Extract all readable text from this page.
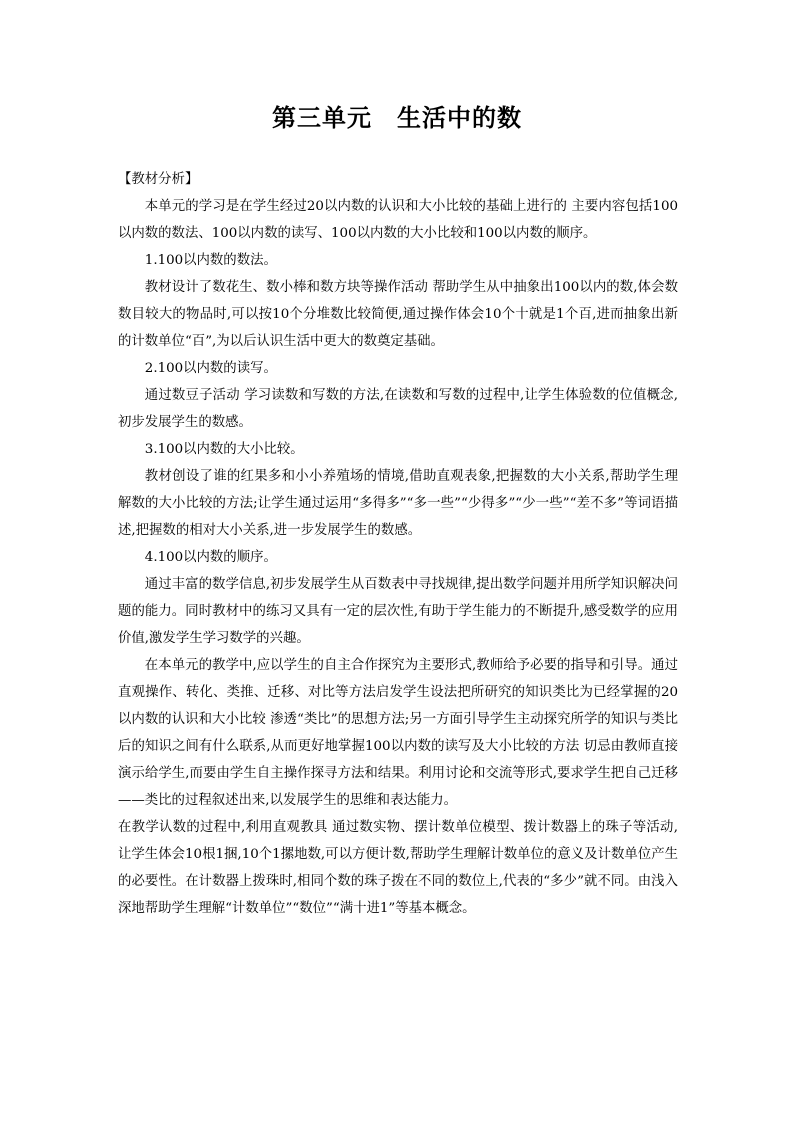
第三单元　生活中的数

【教材分析】

本单元的学习是在学生经过20以内数的认识和大小比较的基础上进行的 主要内容包括100以内数的数法、100以内数的读写、100以内数的大小比较和100以内数的顺序。

1.100以内数的数法。

教材设计了数花生、数小棒和数方块等操作活动 帮助学生从中抽象出100以内的数,体会数数目较大的物品时,可以按10个分堆数比较简便,通过操作体会10个十就是1个百,进而抽象出新的计数单位“百”,为以后认识生活中更大的数奠定基础。

2.100以内数的读写。

通过数豆子活动 学习读数和写数的方法,在读数和写数的过程中,让学生体验数的位值概念,初步发展学生的数感。

3.100以内数的大小比较。

教材创设了谁的红果多和小小养殖场的情境,借助直观表象,把握数的大小关系,帮助学生理解数的大小比较的方法;让学生通过运用“多得多”“多一些”“少得多”“少一些”“差不多”等词语描述,把握数的相对大小关系,进一步发展学生的数感。

4.100以内数的顺序。

通过丰富的数学信息,初步发展学生从百数表中寻找规律,提出数学问题并用所学知识解决问题的能力。同时教材中的练习又具有一定的层次性,有助于学生能力的不断提升,感受数学的应用价值,激发学生学习数学的兴趣。

在本单元的教学中,应以学生的自主合作探究为主要形式,教师给予必要的指导和引导。通过直观操作、转化、类推、迁移、对比等方法启发学生设法把所研究的知识类比为已经掌握的20以内数的认识和大小比较 渗透“类比”的思想方法;另一方面引导学生主动探究所学的知识与类比后的知识之间有什么联系,从而更好地掌握100以内数的读写及大小比较的方法 切忌由教师直接演示给学生,而要由学生自主操作探寻方法和结果。利用讨论和交流等形式,要求学生把自己迁移——类比的过程叙述出来,以发展学生的思维和表达能力。

在教学认数的过程中,利用直观教具 通过数实物、摆计数单位模型、拨计数器上的珠子等活动,让学生体会10根1捆,10个1摞地数,可以方便计数,帮助学生理解计数单位的意义及计数单位产生的必要性。在计数器上拨珠时,相同个数的珠子拨在不同的数位上,代表的“多少”就不同。由浅入深地帮助学生理解“计数单位”“数位”“满十进1”等基本概念。
